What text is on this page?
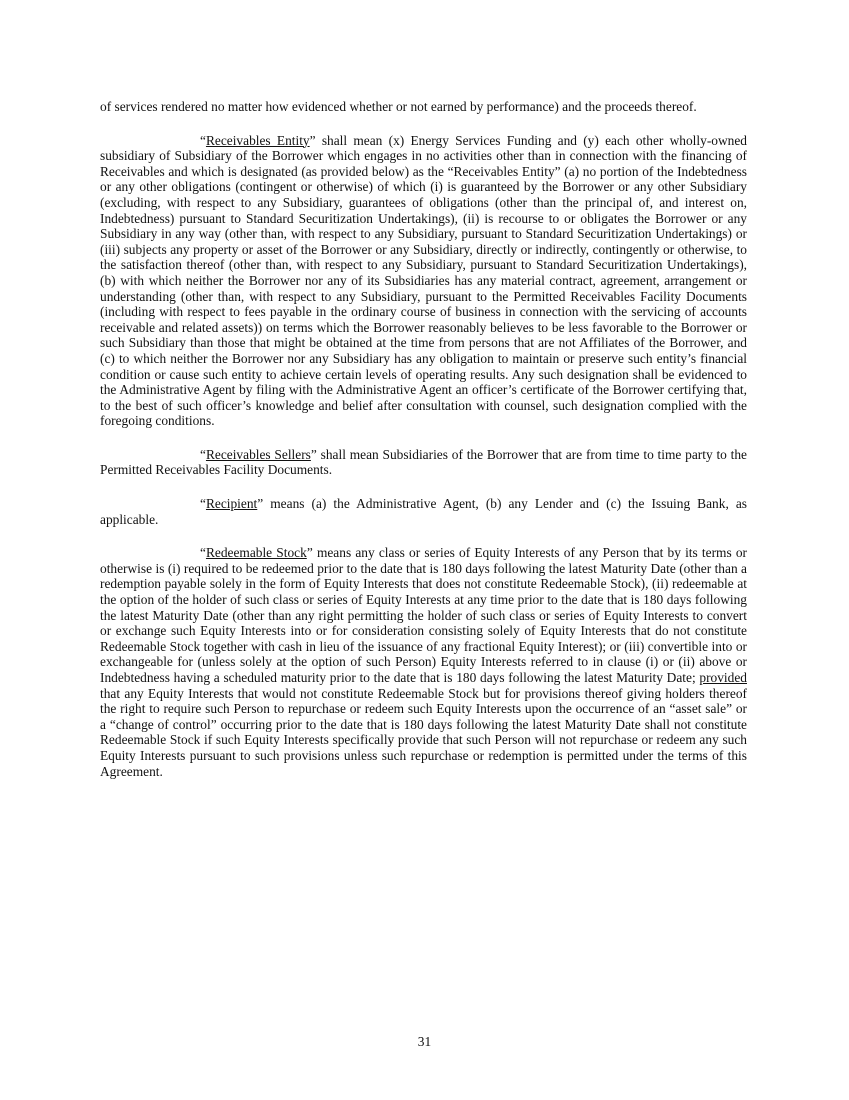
of services rendered no matter how evidenced whether or not earned by performance) and the proceeds thereof.

“Receivables Entity” shall mean (x) Energy Services Funding and (y) each other wholly-owned subsidiary of Subsidiary of the Borrower which engages in no activities other than in connection with the financing of Receivables and which is designated (as provided below) as the “Receivables Entity” (a) no portion of the Indebtedness or any other obligations (contingent or otherwise) of which (i) is guaranteed by the Borrower or any other Subsidiary (excluding, with respect to any Subsidiary, guarantees of obligations (other than the principal of, and interest on, Indebtedness) pursuant to Standard Securitization Undertakings), (ii) is recourse to or obligates the Borrower or any Subsidiary in any way (other than, with respect to any Subsidiary, pursuant to Standard Securitization Undertakings) or (iii) subjects any property or asset of the Borrower or any Subsidiary, directly or indirectly, contingently or otherwise, to the satisfaction thereof (other than, with respect to any Subsidiary, pursuant to Standard Securitization Undertakings), (b) with which neither the Borrower nor any of its Subsidiaries has any material contract, agreement, arrangement or understanding (other than, with respect to any Subsidiary, pursuant to the Permitted Receivables Facility Documents (including with respect to fees payable in the ordinary course of business in connection with the servicing of accounts receivable and related assets)) on terms which the Borrower reasonably believes to be less favorable to the Borrower or such Subsidiary than those that might be obtained at the time from persons that are not Affiliates of the Borrower, and (c) to which neither the Borrower nor any Subsidiary has any obligation to maintain or preserve such entity’s financial condition or cause such entity to achieve certain levels of operating results. Any such designation shall be evidenced to the Administrative Agent by filing with the Administrative Agent an officer’s certificate of the Borrower certifying that, to the best of such officer’s knowledge and belief after consultation with counsel, such designation complied with the foregoing conditions.

“Receivables Sellers” shall mean Subsidiaries of the Borrower that are from time to time party to the Permitted Receivables Facility Documents.

“Recipient” means (a) the Administrative Agent, (b) any Lender and (c) the Issuing Bank, as applicable.

“Redeemable Stock” means any class or series of Equity Interests of any Person that by its terms or otherwise is (i) required to be redeemed prior to the date that is 180 days following the latest Maturity Date (other than a redemption payable solely in the form of Equity Interests that does not constitute Redeemable Stock), (ii) redeemable at the option of the holder of such class or series of Equity Interests at any time prior to the date that is 180 days following the latest Maturity Date (other than any right permitting the holder of such class or series of Equity Interests to convert or exchange such Equity Interests into or for consideration consisting solely of Equity Interests that do not constitute Redeemable Stock together with cash in lieu of the issuance of any fractional Equity Interest); or (iii) convertible into or exchangeable for (unless solely at the option of such Person) Equity Interests referred to in clause (i) or (ii) above or Indebtedness having a scheduled maturity prior to the date that is 180 days following the latest Maturity Date; provided that any Equity Interests that would not constitute Redeemable Stock but for provisions thereof giving holders thereof the right to require such Person to repurchase or redeem such Equity Interests upon the occurrence of an “asset sale” or a “change of control” occurring prior to the date that is 180 days following the latest Maturity Date shall not constitute Redeemable Stock if such Equity Interests specifically provide that such Person will not repurchase or redeem any such Equity Interests pursuant to such provisions unless such repurchase or redemption is permitted under the terms of this Agreement.

31
